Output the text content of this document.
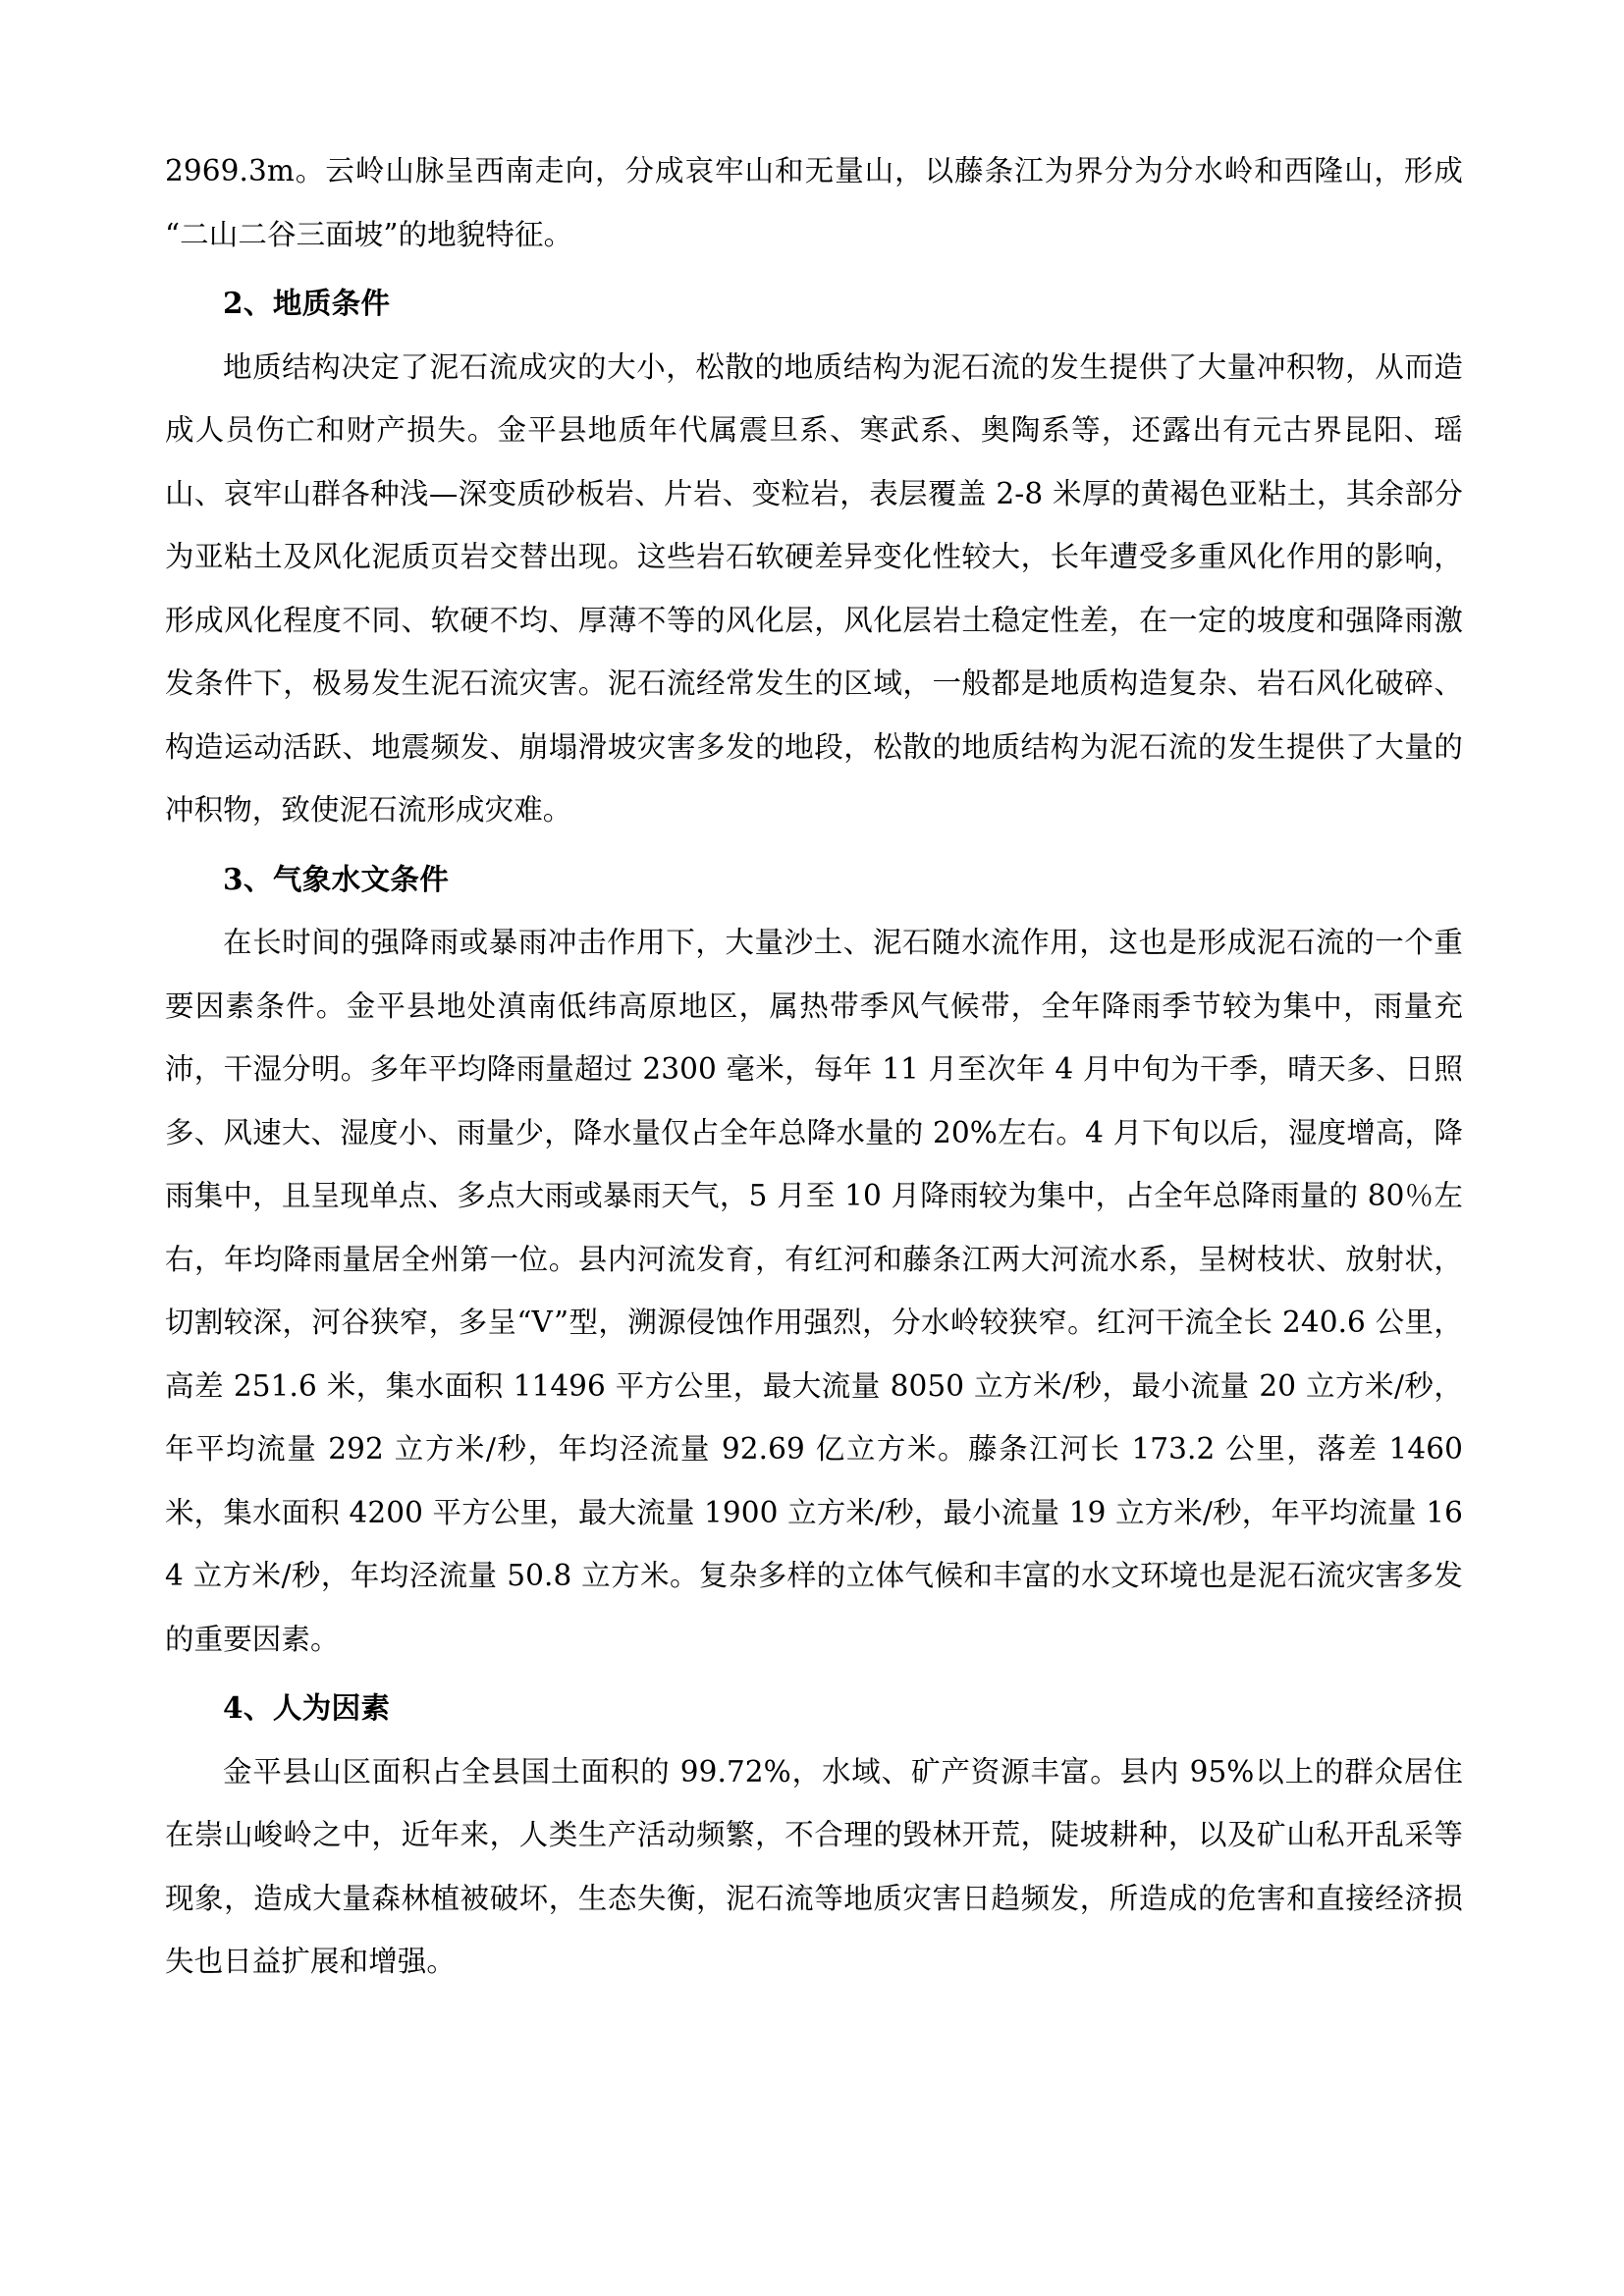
2969.3m。云岭山脉呈西南走向，分成哀牢山和无量山，以藤条江为界分为分水岭和西隆山，形成“二山二谷三面坡”的地貌特征。

2、地质条件

地质结构决定了泥石流成灾的大小，松散的地质结构为泥石流的发生提供了大量冲积物，从而造成人员伤亡和财产损失。金平县地质年代属震旦系、寒武系、奥陶系等，还露出有元古界昆阳、瑶山、哀牢山群各种浅—深变质砂板岩、片岩、变粒岩，表层覆盖 2-8 米厚的黄褐色亚粘土，其余部分为亚粘土及风化泥质页岩交替出现。这些岩石软硬差异变化性较大，长年遭受多重风化作用的影响，形成风化程度不同、软硬不均、厚薄不等的风化层，风化层岩土稳定性差，在一定的坡度和强降雨激发条件下，极易发生泥石流灾害。泥石流经常发生的区域，一般都是地质构造复杂、岩石风化破碎、构造运动活跃、地震频发、崩塌滑坡灾害多发的地段，松散的地质结构为泥石流的发生提供了大量的冲积物，致使泥石流形成灾难。

3、气象水文条件

在长时间的强降雨或暴雨冲击作用下，大量沙土、泥石随水流作用，这也是形成泥石流的一个重要因素条件。金平县地处滇南低纬高原地区，属热带季风气候带，全年降雨季节较为集中，雨量充沛，干湿分明。多年平均降雨量超过 2300 毫米，每年 11 月至次年 4 月中旬为干季，晴天多、日照多、风速大、湿度小、雨量少，降水量仅占全年总降水量的 20%左右。4 月下旬以后，湿度增高，降雨集中，且呈现单点、多点大雨或暴雨天气，5 月至 10 月降雨较为集中，占全年总降雨量的 80％左右，年均降雨量居全州第一位。县内河流发育，有红河和藤条江两大河流水系，呈树枝状、放射状，切割较深，河谷狭窄，多呈“V”型，溯源侵蚀作用强烈，分水岭较狭窄。红河干流全长 240.6 公里，高差 251.6 米，集水面积 11496 平方公里，最大流量 8050 立方米/秒，最小流量 20 立方米/秒，年平均流量 292 立方米/秒，年均泾流量 92.69 亿立方米。藤条江河长 173.2 公里，落差 1460 米，集水面积 4200 平方公里，最大流量 1900 立方米/秒，最小流量 19 立方米/秒，年平均流量 164 立方米/秒，年均泾流量 50.8 立方米。复杂多样的立体气候和丰富的水文环境也是泥石流灾害多发的重要因素。

4、人为因素

金平县山区面积占全县国土面积的 99.72%，水域、矿产资源丰富。县内 95%以上的群众居住在崇山峻岭之中，近年来，人类生产活动频繁，不合理的毁林开荒，陡坡耕种，以及矿山私开乱采等现象，造成大量森林植被破坏，生态失衡，泥石流等地质灾害日趋频发，所造成的危害和直接经济损失也日益扩展和增强。
